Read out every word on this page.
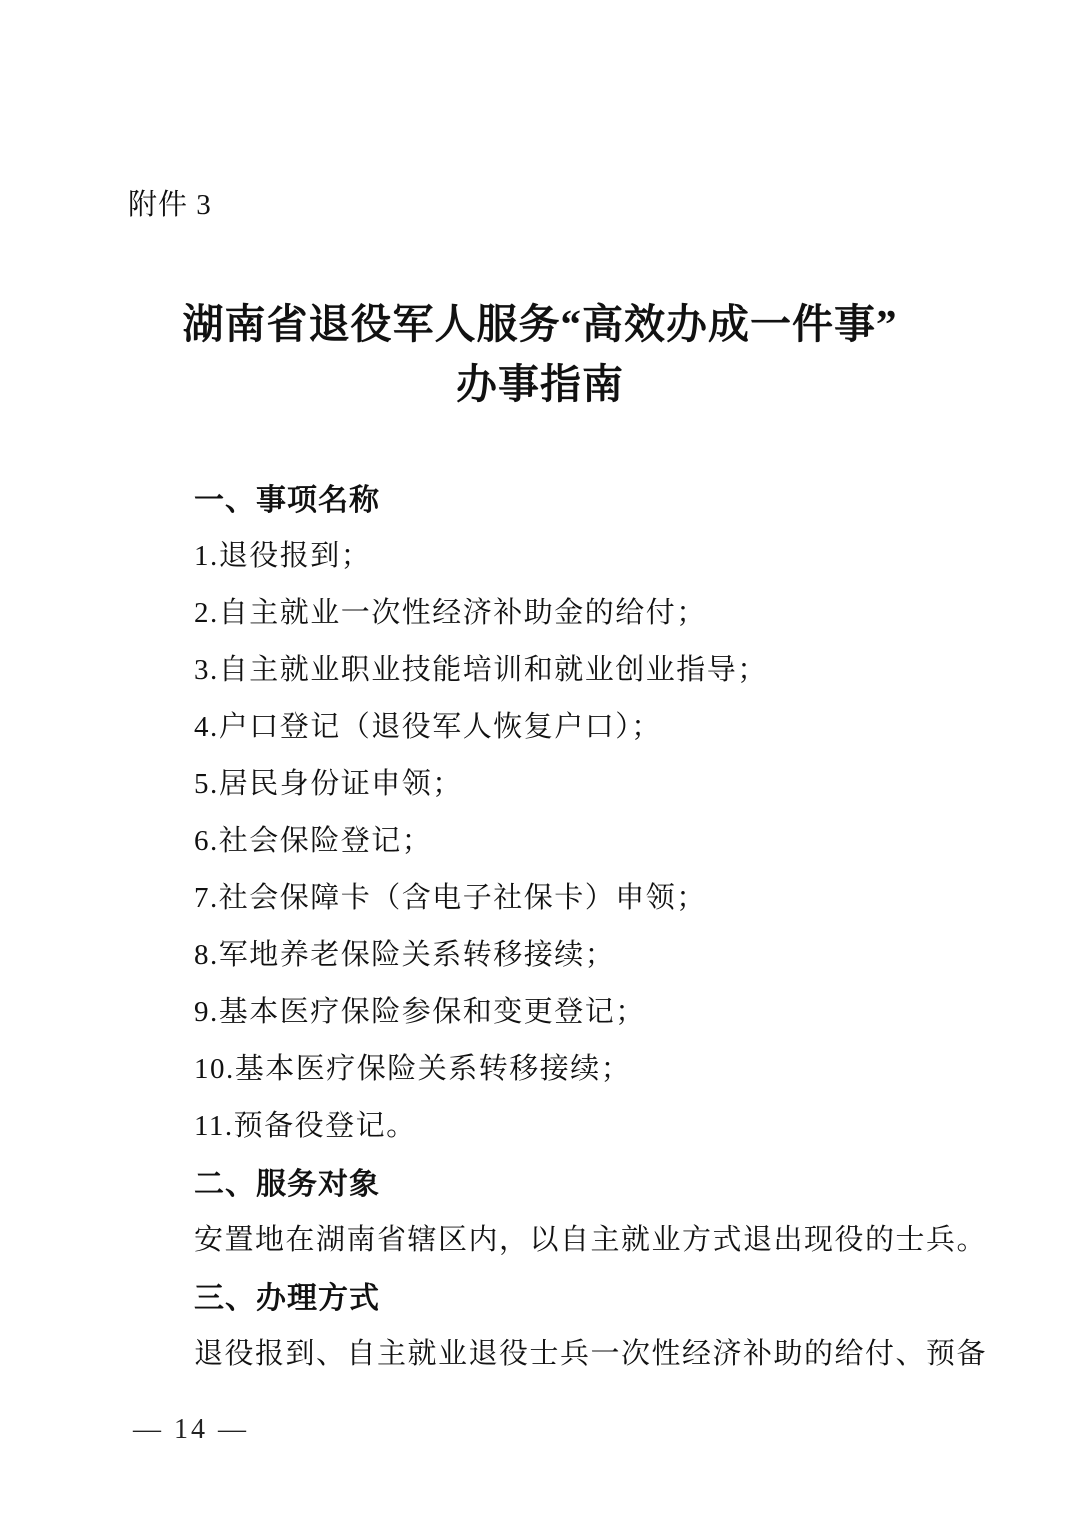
附件 3
湖南省退役军人服务“高效办成一件事”
办事指南
一、事项名称
1.退役报到；
2.自主就业一次性经济补助金的给付；
3.自主就业职业技能培训和就业创业指导；
4.户口登记（退役军人恢复户口）；
5.居民身份证申领；
6.社会保险登记；
7.社会保障卡（含电子社保卡）申领；
8.军地养老保险关系转移接续；
9.基本医疗保险参保和变更登记；
10.基本医疗保险关系转移接续；
11.预备役登记。
二、服务对象
安置地在湖南省辖区内，以自主就业方式退出现役的士兵。
三、办理方式
退役报到、自主就业退役士兵一次性经济补助的给付、预备
— 14 —
